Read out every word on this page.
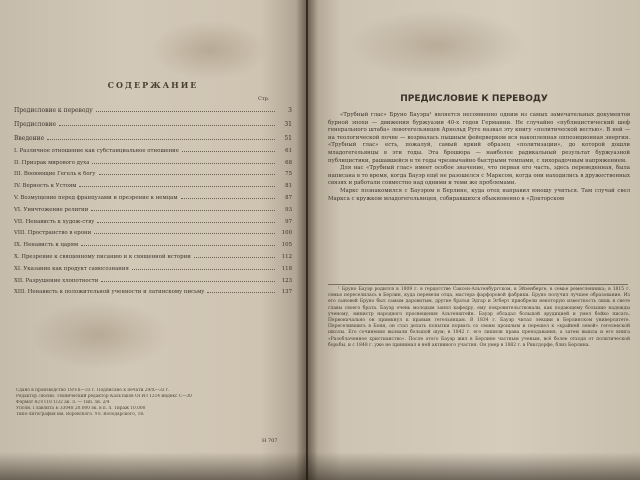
СОДЕРЖАНИЕ
Стр.
Предисловие к переводу	3
Предисловие	31
Введение	51
I. Различное отношение как субстанциальное отношение	61
II. Призрак мирового духа	68
III. Вооюющие Гегель к богу	75
IV. Верность к Устоям	81
V. Возмущение перед французами и презрение к немцам	87
VI. Уничтожение религии	93
VII. Ненависть к худож-ству	97
VIII. Пространство в ерони	100
IX. Ненависть к царям	105
X. Презрение к священному писанию и к священной истории	112
XI. Указание как продукт самосознания	118
XII. Разрушение хлопотности	123
XIII. Ненависть к положительной ученности и латинскому письму	137
Сдано в производство 18/VII—33 г. Подписано к печати 29/X—33 г.
Редактор Люсин. Технический редактор Кальтаков ОГИЗ 1214 индекс С—30
Формат 82×110 1/32 ак. л. — Тип. зн. 2/4
Уполн. Главлита Б 33048 20.000 эк. в п. л. Тираж 10.000
Типо-литография им. Воровского. Ул. Володарского, 18.
Н 707
ПРЕДИСЛОВИЕ К ПЕРЕВОДУ

«Трубный глас» Бруно Бауэра¹ является несомненно одним из самых замечательных документов бурной эпохи — движения буржуазии 40-х годов Германии. Не случайно «публицистический шеф генерального штаба» левогегельянцев Арнольд Руге назвал эту книгу «политической вестью». В ней — на теологической почве — возрвалась пышным фейерверком вся накопленная оппозиционная энергия. «Трубный глас» есть, пожалуй, самый яркий образец «политизации», до которой дошли младогегельянцы в эти годы. Эта брошюра — наиболее радикальный результат буржуазной публицистики, рашавшейся в те годы чрезвычайно быстрыми темпами, с лихорадочным напряжением.

Для нас «Трубный глас» имеет особое значение, что первая его часть, здесь переведенная, была написана в то время, когда Бауэр ещё не разошелся с Марксом, когда они находились в дружественных связях и работали совместно над одними и теми же проблемами.

Маркс познакомился с Бауэром в Берлине, куда отец направил юношу учиться. Там случай свел Маркса с кружком младогегельянцев, собиравшихся обыкновенно в «Докторском

¹ Бруно Бауэр родился в 1809 г. в герцогстве Саксен-Альтенбургском, в Эйзенберге, в семье ремесленника; в 1815 г. семья переселилась в Берлин, куда перевели отца, мастера фарфоровой фабрики. Бруно получил лучшее образование. Из его сыновей Бруно был самым даровитым, другие братья Эдгар и Эгберт приобрели некоторую известность лишь в свете славы своего брата. Бауэр очень молодым занял кафедру, ему покровительствовали, как подающему большие надежды ученому, министр народного просвещения Альтенштейн. Бауэр обладал большой эрудицией и умел бойко писать. Первоначально он примкнул к правым гегельянцам. В 1834 г. Бауэр читал лекции в Берлинском университете. Переселившись в Бонн, он стал делать попытки порвать со своим прошлым и перешел к «крайней левой» гегелевской школы. Его сочинения вызвали большой шум; в 1842 г. его лишили права преподавания, а затем вышла и его книга «Разоблаченное христианство». После этого Бауэр жил в Берлине частным ученым, всё более отходя от политической борьбы, и с 1848 г. уже не принимал в ней активного участия. Он умер в 1882 г. в Риксдорфе, близ Берлина.
